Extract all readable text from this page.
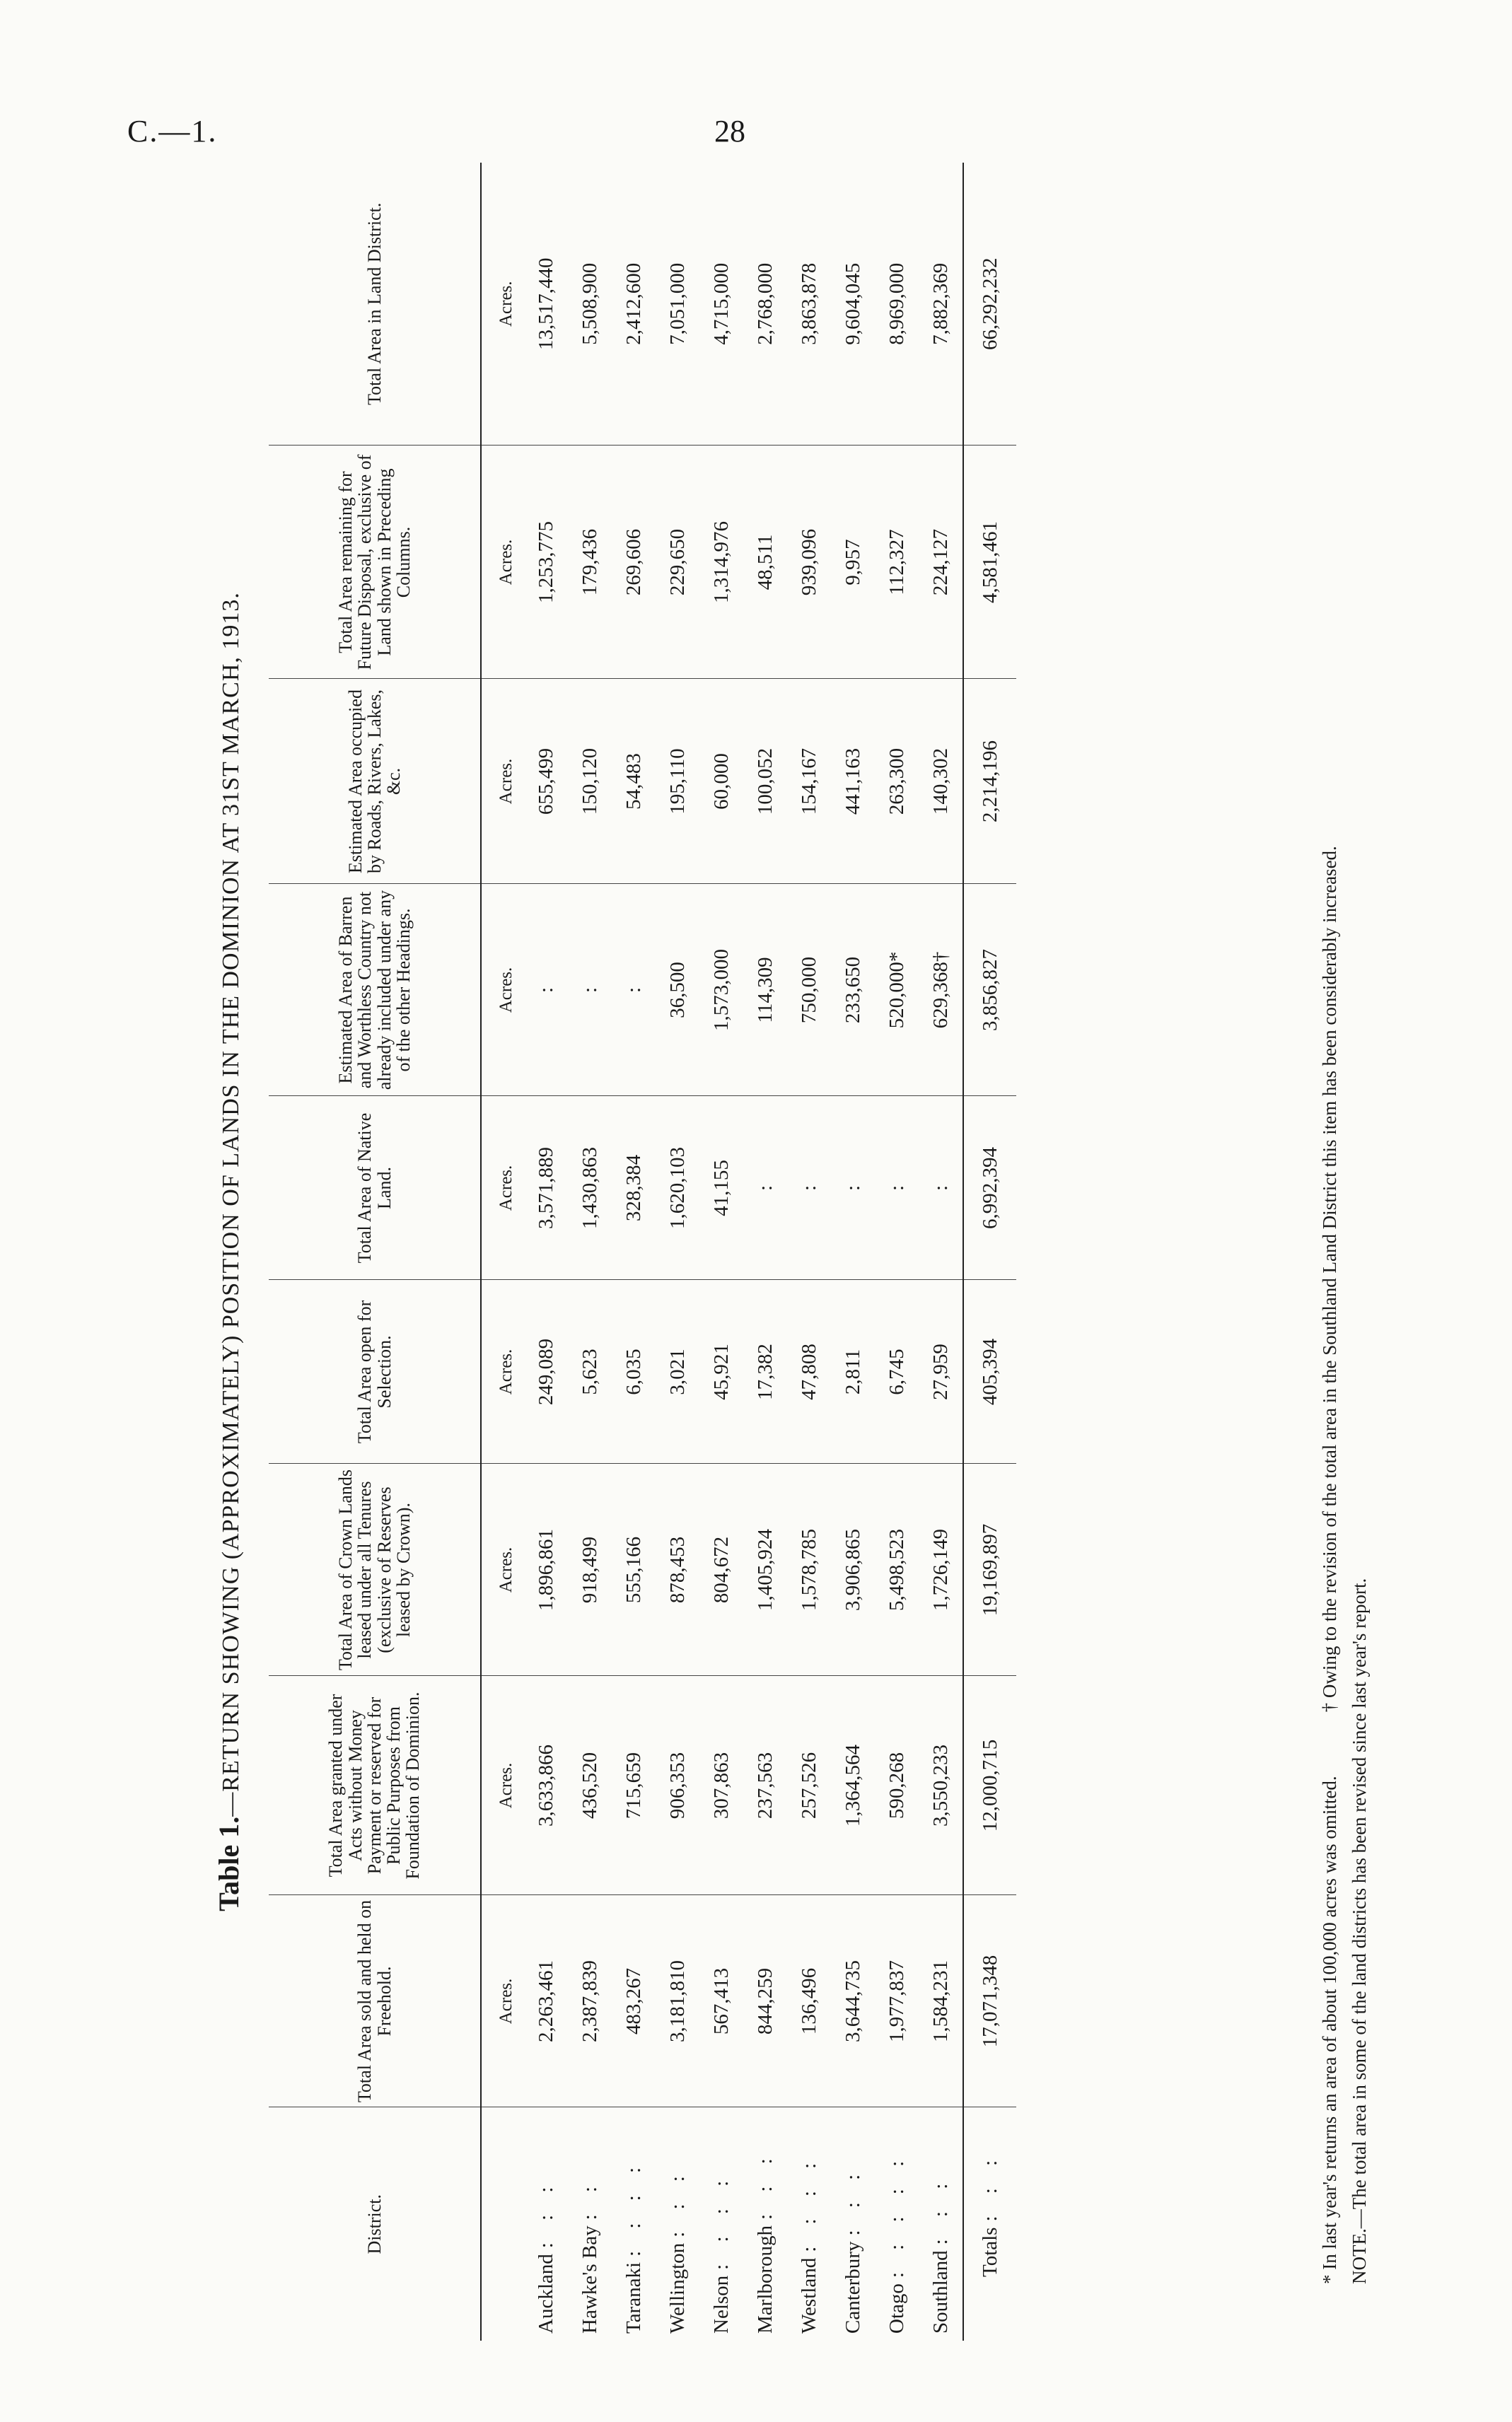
C.—1.	28
Table 1.—RETURN SHOWING (APPROXIMATELY) POSITION OF LANDS IN THE DOMINION AT 31ST MARCH, 1913.
District.	Total Area sold and held on Freehold.	Total Area granted under Acts without Money Payment or reserved for Public Purposes from Foundation of Dominion.	Total Area of Crown Lands leased under all Tenures (exclusive of Reserves leased by Crown).	Total Area open for Selection.	Total Area of Native Land.	Estimated Area of Barren and Worthless Country not already included under any of the other Headings.	Estimated Area occupied by Roads, Rivers, Lakes, &c.	Total Area remaining for Future Disposal, exclusive of Land shown in Preceding Columns.	Total Area in Land District.
	Acres.	Acres.	Acres.	Acres.	Acres.	Acres.	Acres.	Acres.	Acres.
Auckland: : :	2,263,461	3,633,866	1,896,861	249,089	3,571,889	:	655,499	1,253,775	13,517,440
Hawke's Bay: :	2,387,839	436,520	918,499	5,623	1,430,863	:	150,120	179,436	5,508,900
Taranaki: : : :	483,267	715,659	555,166	6,035	328,384	:	54,483	269,606	2,412,600
Wellington: : :	3,181,810	906,353	878,453	3,021	1,620,103	36,500	195,110	229,650	7,051,000
Nelson: : : :	567,413	307,863	804,672	45,921	41,155	1,573,000	60,000	1,314,976	4,715,000
Marlborough: : :	844,259	237,563	1,405,924	17,382	:	114,309	100,052	48,511	2,768,000
Westland: : : :	136,496	257,526	1,578,785	47,808	:	750,000	154,167	939,096	3,863,878
Canterbury: : :	3,644,735	1,364,564	3,906,865	2,811	:	233,650	441,163	9,957	9,604,045
Otago: : : : :	1,977,837	590,268	5,498,523	6,745	:	520,000*	263,300	112,327	8,969,000
Southland: : :	1,584,231	3,550,233	1,726,149	27,959	:	629,368†	140,302	224,127	7,882,369
Totals: : :	17,071,348	12,000,715	19,169,897	405,394	6,992,394	3,856,827	2,214,196	4,581,461	66,292,232
* In last year's returns an area of about 100,000 acres was omitted.† Owing to the revision of the total area in the Southland Land District this item has been considerably increased.
NOTE.—The total area in some of the land districts has been revised since last year's report.
